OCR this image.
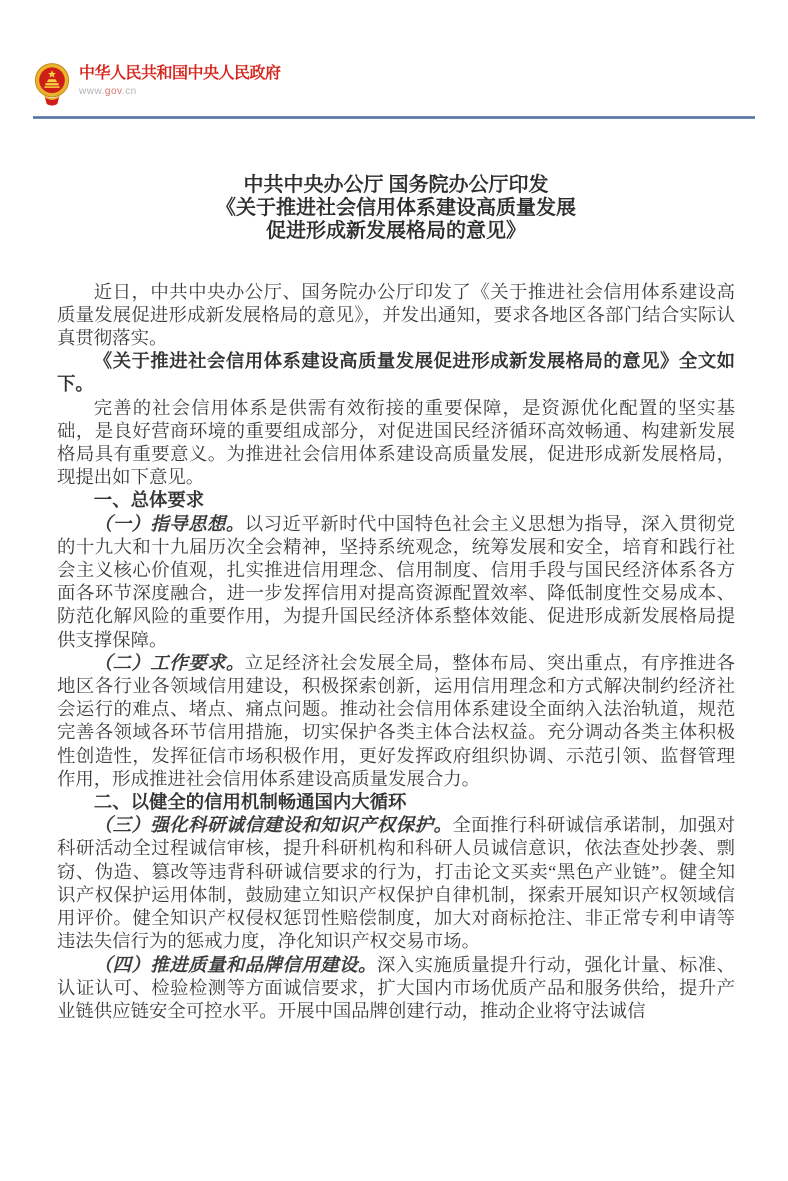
中华人民共和国中央人民政府
www.gov.cn
中共中央办公厅 国务院办公厅印发
《关于推进社会信用体系建设高质量发展
促进形成新发展格局的意见》

近日，中共中央办公厅、国务院办公厅印发了《关于推进社会信用体系建设高质量发展促进形成新发展格局的意见》，并发出通知，要求各地区各部门结合实际认真贯彻落实。

《关于推进社会信用体系建设高质量发展促进形成新发展格局的意见》全文如下。

完善的社会信用体系是供需有效衔接的重要保障，是资源优化配置的坚实基础，是良好营商环境的重要组成部分，对促进国民经济循环高效畅通、构建新发展格局具有重要意义。为推进社会信用体系建设高质量发展，促进形成新发展格局，现提出如下意见。

一、总体要求

（一）指导思想。以习近平新时代中国特色社会主义思想为指导，深入贯彻党的十九大和十九届历次全会精神，坚持系统观念，统筹发展和安全，培育和践行社会主义核心价值观，扎实推进信用理念、信用制度、信用手段与国民经济体系各方面各环节深度融合，进一步发挥信用对提高资源配置效率、降低制度性交易成本、防范化解风险的重要作用，为提升国民经济体系整体效能、促进形成新发展格局提供支撑保障。

（二）工作要求。立足经济社会发展全局，整体布局、突出重点，有序推进各地区各行业各领域信用建设，积极探索创新，运用信用理念和方式解决制约经济社会运行的难点、堵点、痛点问题。推动社会信用体系建设全面纳入法治轨道，规范完善各领域各环节信用措施，切实保护各类主体合法权益。充分调动各类主体积极性创造性，发挥征信市场积极作用，更好发挥政府组织协调、示范引领、监督管理作用，形成推进社会信用体系建设高质量发展合力。

二、以健全的信用机制畅通国内大循环

（三）强化科研诚信建设和知识产权保护。全面推行科研诚信承诺制，加强对科研活动全过程诚信审核，提升科研机构和科研人员诚信意识，依法查处抄袭、剽窃、伪造、篡改等违背科研诚信要求的行为，打击论文买卖“黑色产业链”。健全知识产权保护运用体制，鼓励建立知识产权保护自律机制，探索开展知识产权领域信用评价。健全知识产权侵权惩罚性赔偿制度，加大对商标抢注、非正常专利申请等违法失信行为的惩戒力度，净化知识产权交易市场。

（四）推进质量和品牌信用建设。深入实施质量提升行动，强化计量、标准、认证认可、检验检测等方面诚信要求，扩大国内市场优质产品和服务供给，提升产业链供应链安全可控水平。开展中国品牌创建行动，推动企业将守法诚信
